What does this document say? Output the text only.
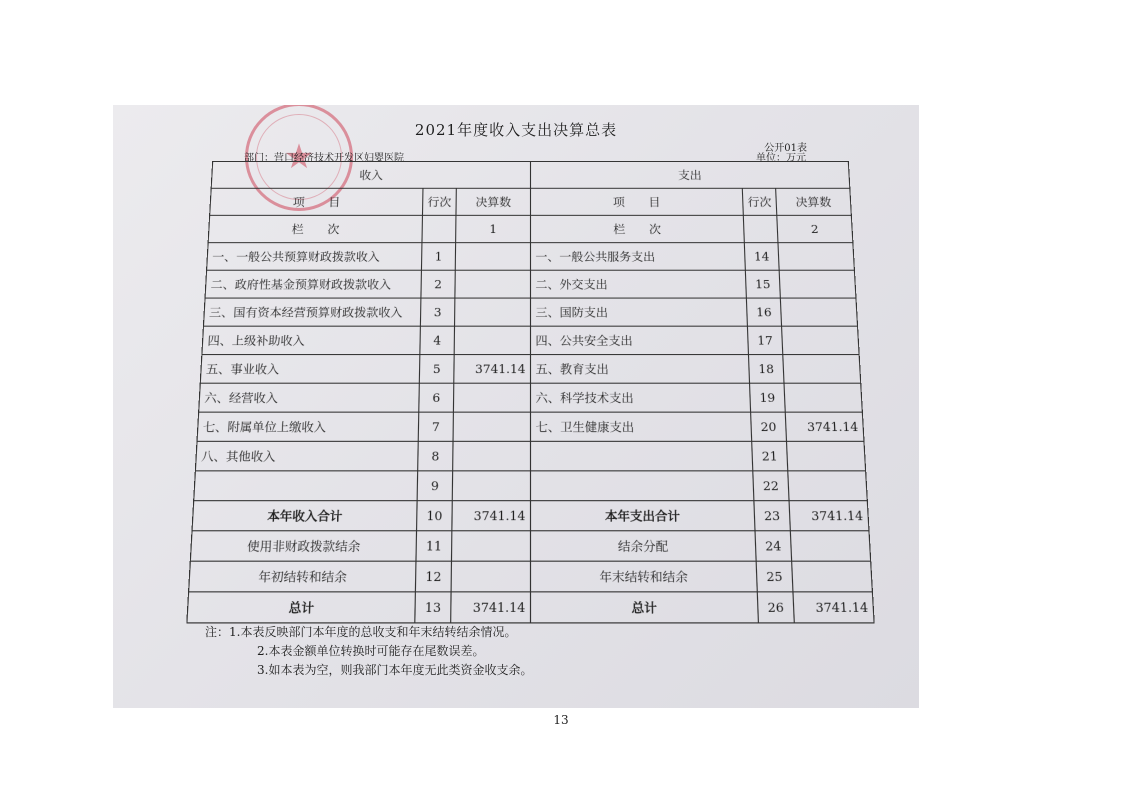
★
2021年度收入支出决算总表
公开01表
部门：营口经济技术开发区妇婴医院	单位：万元
收入			支出		
项　　目	行次	决算数	项　　目	行次	决算数
栏　　次		1	栏　　次		2
一、一般公共预算财政拨款收入	1		一、一般公共服务支出	14	
二、政府性基金预算财政拨款收入	2		二、外交支出	15	
三、国有资本经营预算财政拨款收入	3		三、国防支出	16	
四、上级补助收入	4		四、公共安全支出	17	
五、事业收入	5	3741.14	五、教育支出	18	
六、经营收入	6		六、科学技术支出	19	
七、附属单位上缴收入	7		七、卫生健康支出	20	3741.14
八、其他收入	8			21	
	9			22	
本年收入合计	10	3741.14	本年支出合计	23	3741.14
使用非财政拨款结余	11		结余分配	24	
年初结转和结余	12		年末结转和结余	25	
总计	13	3741.14	总计	26	3741.14
注：1.本表反映部门本年度的总收支和年末结转结余情况。
2.本表金额单位转换时可能存在尾数误差。
3.如本表为空，则我部门本年度无此类资金收支余。
13
